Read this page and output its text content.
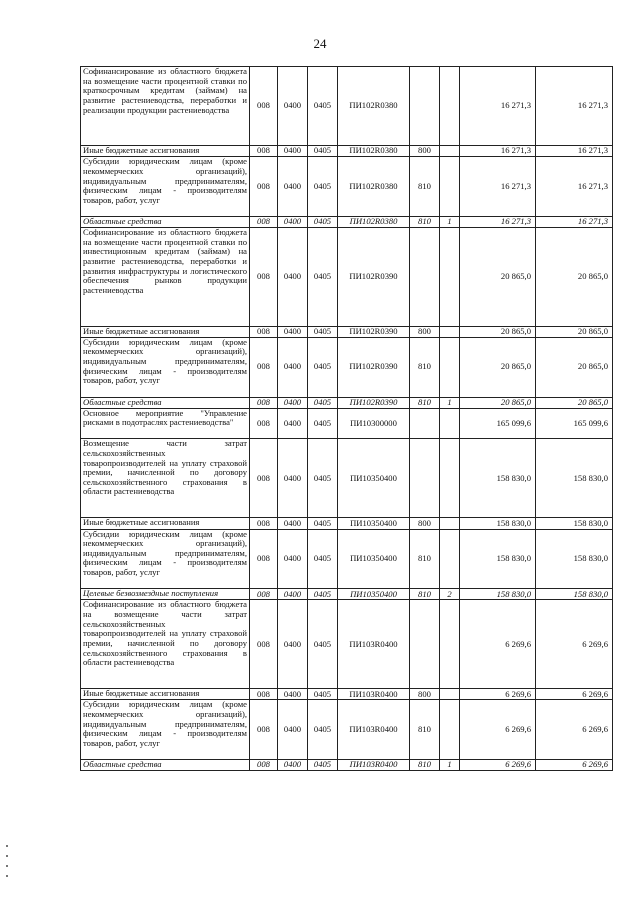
24
Софинансирование из областного бюджета на возмещение части процентной ставки по краткосрочным кредитам (займам) на развитие растениеводства, переработки и реализации продукции растениеводства	008	0400	0405	ПИ102R0380			16 271,3	16 271,3
Иные бюджетные ассигнования	008	0400	0405	ПИ102R0380	800		16 271,3	16 271,3
Субсидии юридическим лицам (кроме некоммерческих организаций), индивидуальным предпринимателям, физическим лицам - производителям товаров, работ, услуг	008	0400	0405	ПИ102R0380	810		16 271,3	16 271,3
Областные средства	008	0400	0405	ПИ102R0380	810	1	16 271,3	16 271,3
Софинансирование из областного бюджета на возмещение части процентной ставки по инвестиционным кредитам (займам) на развитие растениеводства, переработки и развития инфраструктуры и логистического обеспечения рынков продукции растениеводства	008	0400	0405	ПИ102R0390			20 865,0	20 865,0
Иные бюджетные ассигнования	008	0400	0405	ПИ102R0390	800		20 865,0	20 865,0
Субсидии юридическим лицам (кроме некоммерческих организаций), индивидуальным предпринимателям, физическим лицам - производителям товаров, работ, услуг	008	0400	0405	ПИ102R0390	810		20 865,0	20 865,0
Областные средства	008	0400	0405	ПИ102R0390	810	1	20 865,0	20 865,0
Основное мероприятие "Управление рисками в подотраслях растениеводства"	008	0400	0405	ПИ10300000			165 099,6	165 099,6
Возмещение части затрат сельскохозяйственных товаропроизводителей на уплату страховой премии, начисленной по договору сельскохозяйственного страхования в области растениеводства	008	0400	0405	ПИ10350400			158 830,0	158 830,0
Иные бюджетные ассигнования	008	0400	0405	ПИ10350400	800		158 830,0	158 830,0
Субсидии юридическим лицам (кроме некоммерческих организаций), индивидуальным предпринимателям, физическим лицам - производителям товаров, работ, услуг	008	0400	0405	ПИ10350400	810		158 830,0	158 830,0
Целевые безвозмездные поступления	008	0400	0405	ПИ10350400	810	2	158 830,0	158 830,0
Софинансирование из областного бюджета на возмещение части затрат сельскохозяйственных товаропроизводителей на уплату страховой премии, начисленной по договору сельскохозяйственного страхования в области растениеводства	008	0400	0405	ПИ103R0400			6 269,6	6 269,6
Иные бюджетные ассигнования	008	0400	0405	ПИ103R0400	800		6 269,6	6 269,6
Субсидии юридическим лицам (кроме некоммерческих организаций), индивидуальным предпринимателям, физическим лицам - производителям товаров, работ, услуг	008	0400	0405	ПИ103R0400	810		6 269,6	6 269,6
Областные средства	008	0400	0405	ПИ103R0400	810	1	6 269,6	6 269,6
